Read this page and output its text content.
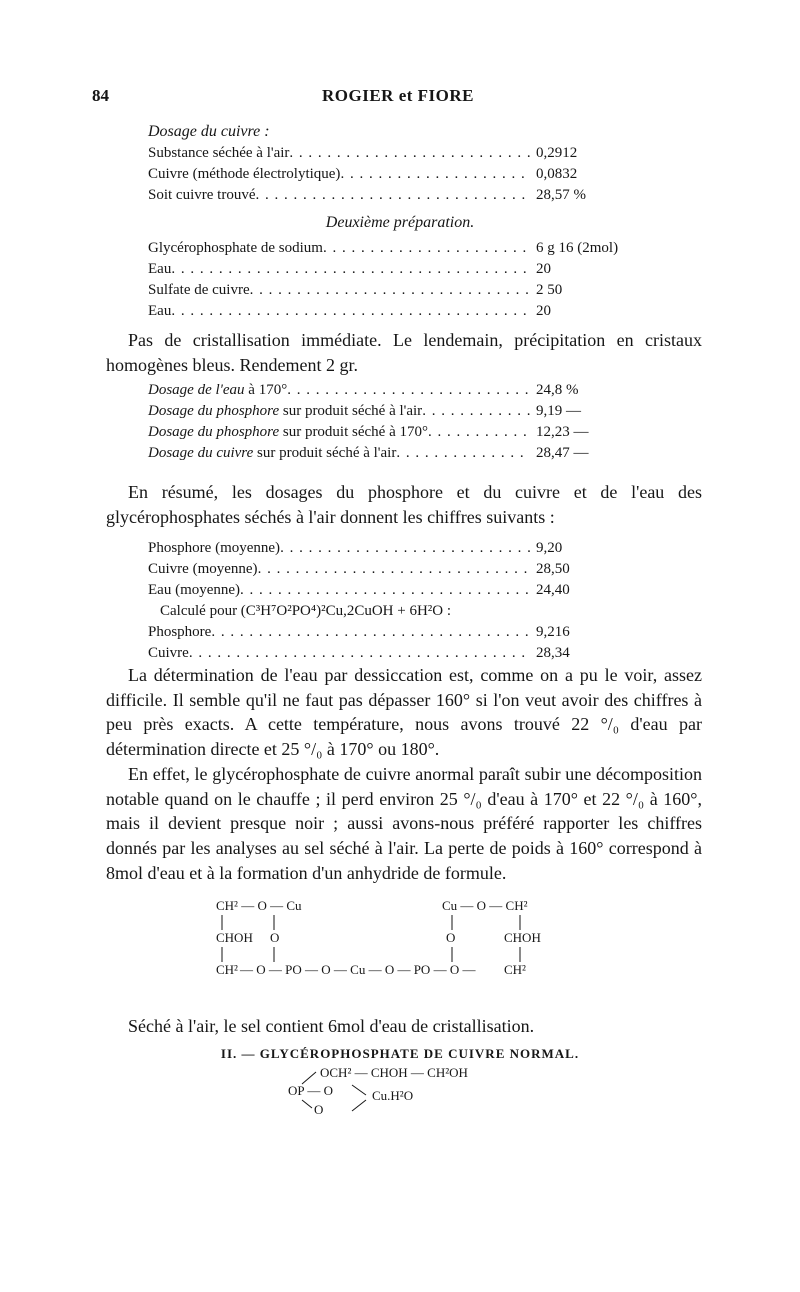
84	ROGIER et FIORE
Dosage du cuivre :
Substance séchée à l'air . . .	0,2912
Cuivre (méthode électrolytique) . . .	0,0832
Soit cuivre trouvé . . .	28,57 %
Deuxième préparation.
Glycérophosphate de sodium . . .	6 g 16 (2mol)
Eau . . .	20
Sulfate de cuivre . . .	2 50
Eau . . .	20

Pas de cristallisation immédiate. Le lendemain, précipitation en cristaux homogènes bleus. Rendement 2 gr.

Dosage de l'eau à 170° . . .	24,8 %
Dosage du phosphore sur produit séché à l'air . . .	9,19 —
Dosage du phosphore sur produit séché à 170° . . .	12,23 —
Dosage du cuivre sur produit séché à l'air . . .	28,47 —

En résumé, les dosages du phosphore et du cuivre et de l'eau des glycérophosphates séchés à l'air donnent les chiffres suivants :

Phosphore (moyenne) . . .	9,20
Cuivre (moyenne) . . .	28,50
Eau (moyenne) . . .	24,40
Calculé pour (C³H⁷O²PO⁴)²Cu,2CuOH + 6H²O :
Phosphore . . .	9,216
Cuivre . . .	28,34

La détermination de l'eau par dessiccation est, comme on a pu le voir, assez difficile. Il semble qu'il ne faut pas dépasser 160° si l'on veut avoir des chiffres à peu près exacts. A cette température, nous avons trouvé 22 °/₀ d'eau par détermination directe et 25 °/₀ à 170° ou 180°.

En effet, le glycérophosphate de cuivre anormal paraît subir une décomposition notable quand on le chauffe ; il perd environ 25 °/₀ d'eau à 170° et 22 °/₀ à 160°, mais il devient presque noir ; aussi avons-nous préféré rapporter les chiffres donnés par les analyses au sel séché à l'air. La perte de poids à 160° correspond à 8mol d'eau et à la formation d'un anhydride de formule.

CH² — O — Cu
CHOH
CH²
O
Cu — O — CH²
CHOH
CH²
O
— O — PO — O — Cu — O — PO — O —
OCH² — CHOH — CH²OH
OP — O
O
Cu.H²O

Séché à l'air, le sel contient 6mol d'eau de cristallisation.

II. — GLYCÉROPHOSPHATE DE CUIVRE NORMAL.
